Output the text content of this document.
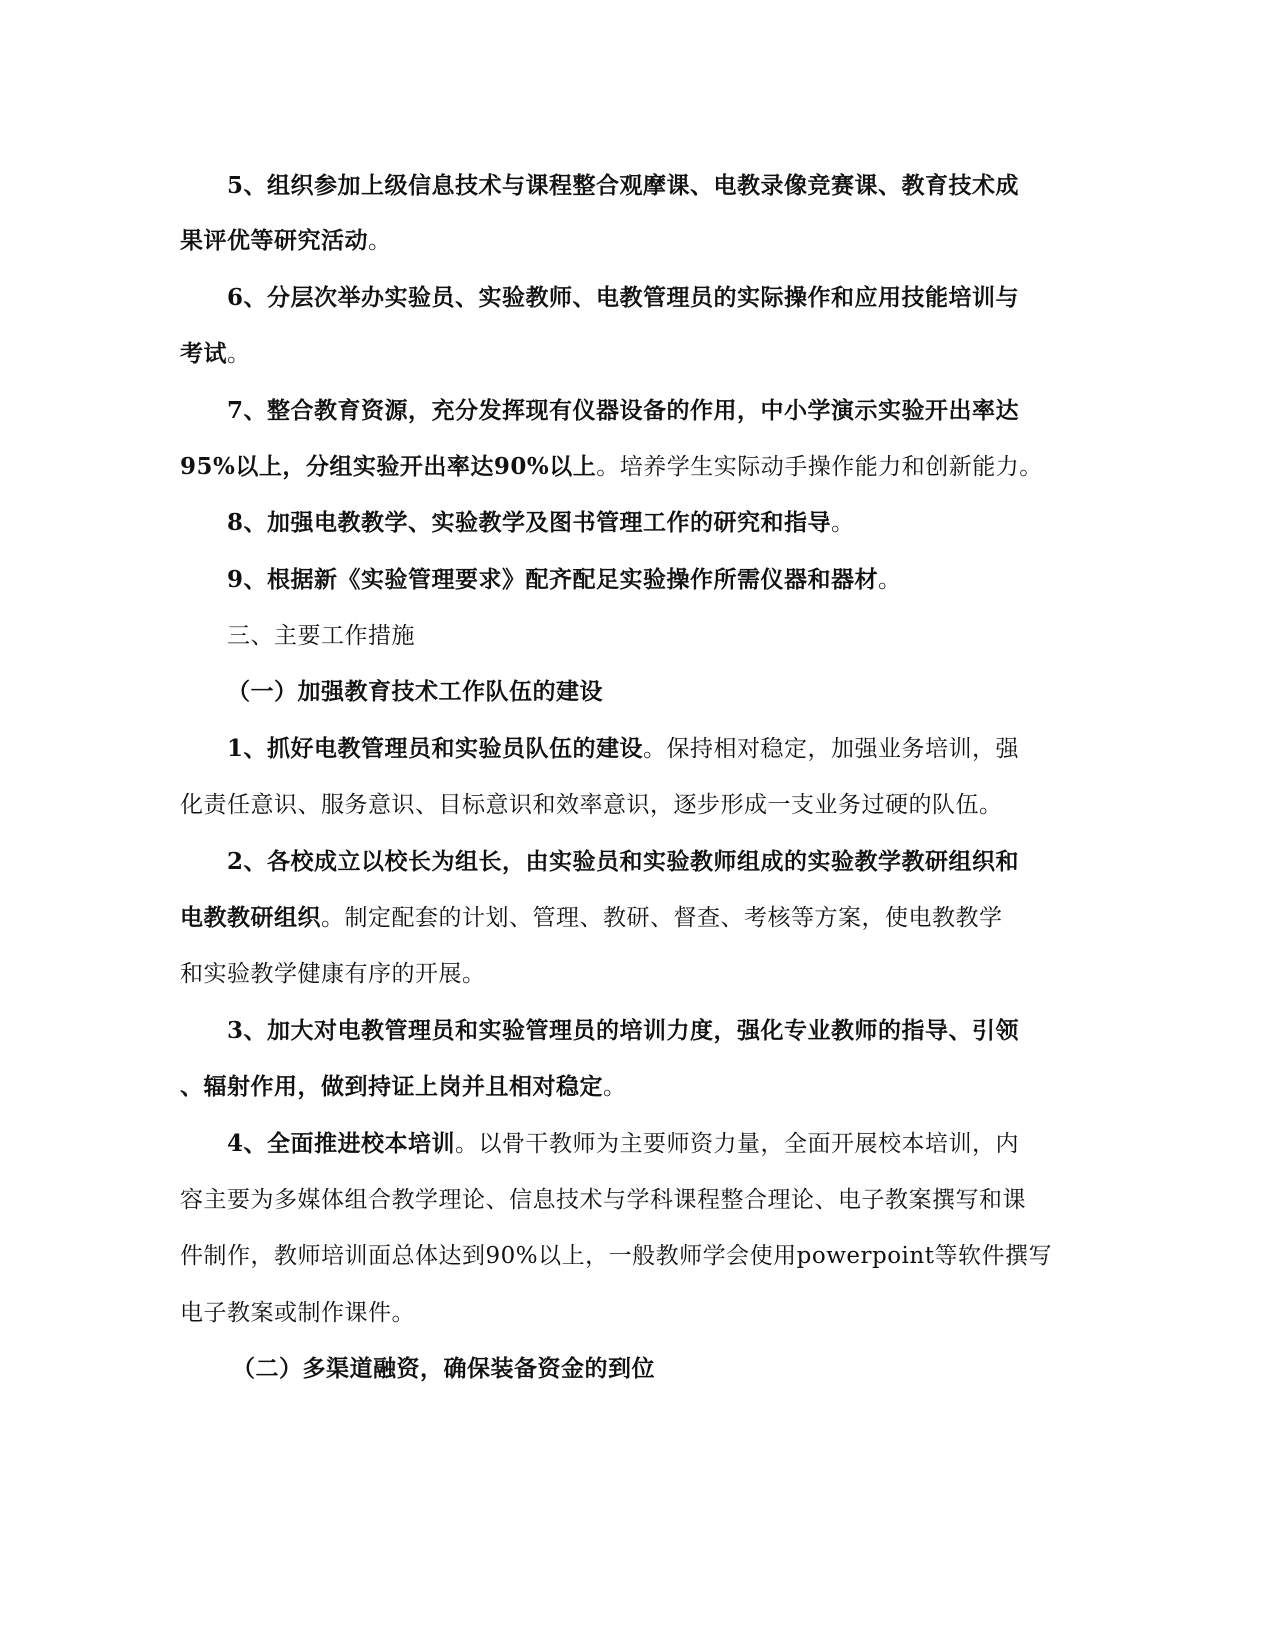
5、组织参加上级信息技术与课程整合观摩课、电教录像竞赛课、教育技术成
果评优等研究活动。
6、分层次举办实验员、实验教师、电教管理员的实际操作和应用技能培训与
考试。
7、整合教育资源，充分发挥现有仪器设备的作用，中小学演示实验开出率达
95%以上，分组实验开出率达90%以上。培养学生实际动手操作能力和创新能力。
8、加强电教教学、实验教学及图书管理工作的研究和指导。
9、根据新《实验管理要求》配齐配足实验操作所需仪器和器材。
三、主要工作措施
（一）加强教育技术工作队伍的建设
1、抓好电教管理员和实验员队伍的建设。保持相对稳定，加强业务培训，强
化责任意识、服务意识、目标意识和效率意识，逐步形成一支业务过硬的队伍。
2、各校成立以校长为组长，由实验员和实验教师组成的实验教学教研组织和
电教教研组织。制定配套的计划、管理、教研、督查、考核等方案，使电教教学
和实验教学健康有序的开展。
3、加大对电教管理员和实验管理员的培训力度，强化专业教师的指导、引领
、辐射作用，做到持证上岗并且相对稳定。
4、全面推进校本培训。以骨干教师为主要师资力量，全面开展校本培训，内
容主要为多媒体组合教学理论、信息技术与学科课程整合理论、电子教案撰写和课
件制作，教师培训面总体达到90%以上，一般教师学会使用powerpoint等软件撰写
电子教案或制作课件。
（二）多渠道融资，确保装备资金的到位
